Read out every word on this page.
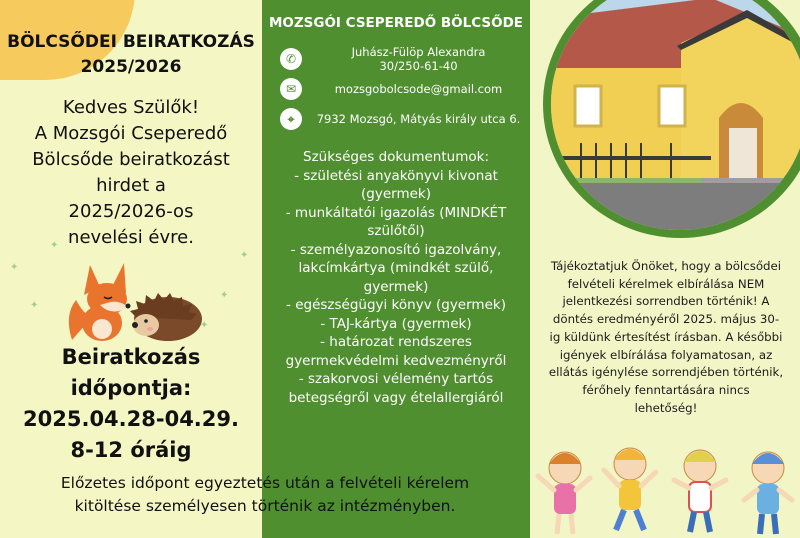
✦
✦
✦
✦
✦
✦
BÖLCSŐDEI BEIRATKOZÁS
2025/2026
Kedves Szülők!
A Mozsgói Cseperedő
Bölcsőde beiratkozást
hirdet a
2025/2026-os
nevelési évre.
Beiratkozás
időpontja:
2025.04.28-04.29.
8-12 óráig
MOZSGÓI CSEPEREDŐ BÖLCSŐDE
✆	Juhász-Fülöp Alexandra
30/250-61-40
✉	mozsgobolcsode@gmail.com
⌖	7932 Mozsgó, Mátyás király utca 6.
Szükséges dokumentumok:
- születési anyakönyvi kivonat
(gyermek)
- munkáltatói igazolás (MINDKÉT
szülőtől)
- személyazonosító igazolvány,
lakcímkártya (mindkét szülő,
gyermek)
- egészségügyi könyv (gyermek)
- TAJ-kártya (gyermek)
- határozat rendszeres
gyermekvédelmi kedvezményről
- szakorvosi vélemény tartós
betegségről vagy ételallergiáról
Tájékoztatjuk Önöket, hogy a bölcsődei
felvételi kérelmek elbírálása NEM
jelentkezési sorrendben történik! A
döntés eredményéről 2025. május 30-
ig küldünk értesítést írásban. A későbbi
igények elbírálása folyamatosan, az
ellátás igénylése sorrendjében történik,
férőhely fenntartására nincs
lehetőség!
Előzetes időpont egyeztetés után a felvételi kérelem
kitöltése személyesen történik az intézményben.
